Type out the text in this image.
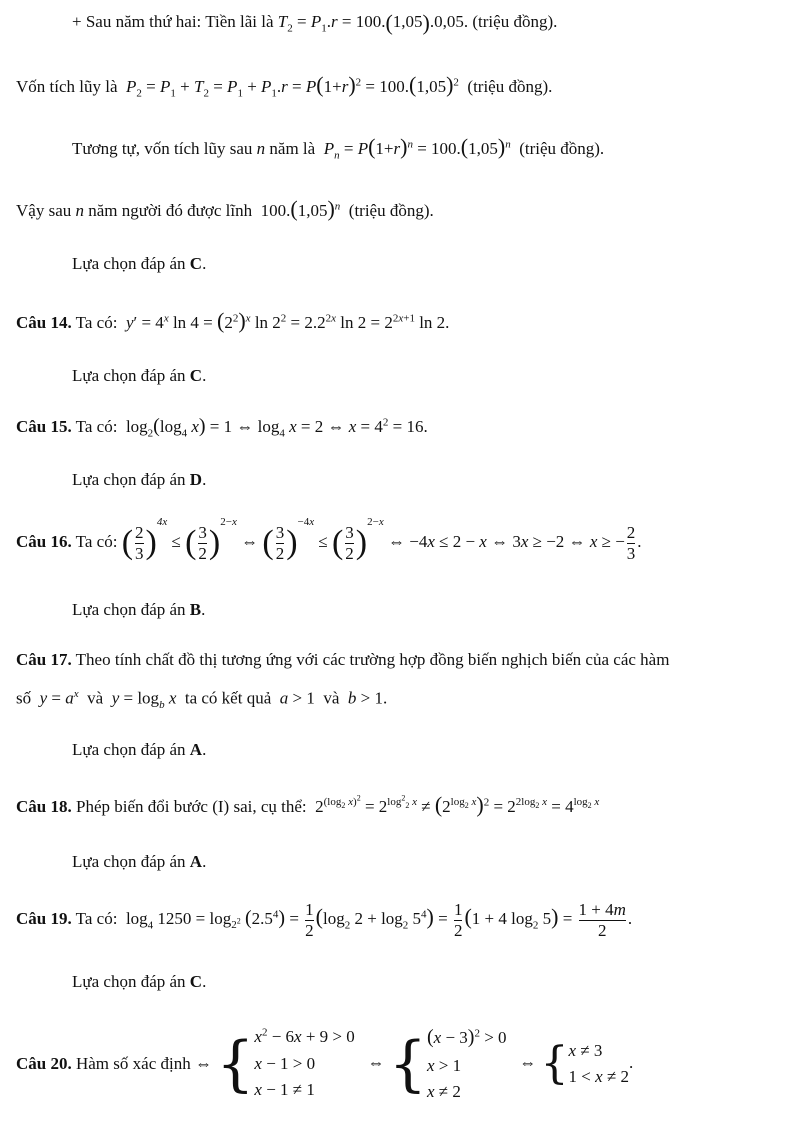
+ Sau năm thứ hai: Tiền lãi là $T_2 = P_1.r = 100.(1,05).0,05$. (triệu đồng).
Vốn tích lũy là  $P_2 = P_1 + T_2 = P_1 + P_1.r = P(1+r)^2 = 100.(1,05)^2$  (triệu đồng).
Tương tự, vốn tích lũy sau n năm là  $P_n = P(1+r)^n = 100.(1,05)^n$  (triệu đồng).
Vậy sau n năm người đó được lĩnh  $100.(1,05)^n$  (triệu đồng).
Lựa chọn đáp án C.
Câu 14. Ta có:  $y' = 4^x$ $\ln 4 = (2^2)^x$ $\ln 2^2 = 2.2^{2x}$ $\ln 2 = 2^{2x+1}$ ln 2.
Lựa chọn đáp án C.
Câu 15. Ta có:  $\log_2(\log_4$ x) = 1 ⇔ $\log_4 x = 2$ ⇔ $x = 4^2 = 16$.
Lựa chọn đáp án D.
Câu 16. Ta có: ( $\frac{2}{3} )^{4x}$ ≤ ( $\frac{3}{2} )^{2-x}$ ⇔ ( $\frac{3}{2} )^{-4x}$ ≤ ( $\frac{3}{2} )^{2-x}$ ⇔ −4x ≤ 2 − x ⇔ 3x ≥ −2 ⇔ x ≥ − $\frac{2}{3}$ .
Lựa chọn đáp án B.
Câu 17. Theo tính chất đồ thị tương ứng với các trường hợp đồng biến nghịch biến của các hàm
số  $y = a^x$  và  $y = \log_b x$  ta có kết quả  a > 1  và  b > 1.
Lựa chọn đáp án A.
Câu 18. Phép biến đổi bước (I) sai, cụ thể:  $2^{(log_2 x)^2} = 2^{log^2_2 x} \ne (2^{log_2 x})^2 = 2^{2log_2 x} = 4^{log_2 x}$
Lựa chọn đáp án A.
Câu 19. Ta có:  $\log_4 1250 = \log_{2^2} (2.5^4) = \frac{1}{2} (\log_2$ $2 + \log_2 5^4) = \frac{1}{2} (1 + 4$ $\log_2 5) = \frac{1 + 4m}{2}$ .
Lựa chọn đáp án C.
Câu 20. Hàm số xác định ⇔ { $x^2 - 6x + 9 > 0$
x − 1 > 0
x − 1 ≠ 1
⇔ { $(x - 3)^2 > 0$
x > 1
x ≠ 2
⇔ { x ≠ 3
1 < x ≠ 2
.
